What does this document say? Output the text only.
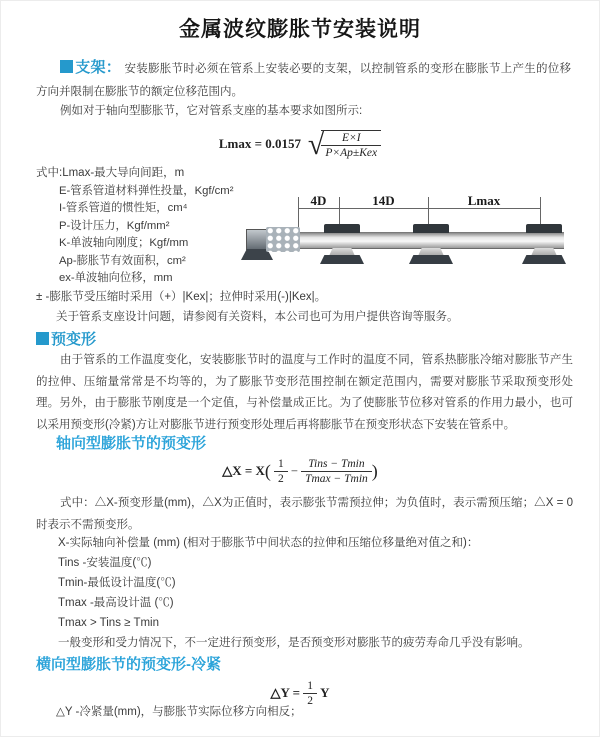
金属波纹膨胀节安装说明
支架： 安装膨胀节时必须在管系上安装必要的支架，以控制管系的变形在膨胀节上产生的位移方向并限制在膨胀节的额定位移范围内。
例如对于轴向型膨胀节，它对管系支座的基本要求如图所示:
Lmax = 0.0157 √
$\frac{E\times I}{\text{P×Ap±Kex}}$
式中:Lmax-最大导向间距，m
E-管系管道材料弹性投量，Kgf/cm²
I-管系管道的惯性矩，cm⁴
P-设计压力，Kgf/mm²
K-单波轴向刚度；Kgf/mm
Ap-膨胀节有效面积，cm²
ex-单波轴向位移，mm
± -膨胀节受压缩时采用（+）|Kex|；拉伸时采用(-)|Kex|。
关于管系支座设计问题，请参阅有关资料，本公司也可为用户提供咨询等服务。
4D	14D	Lmax
预变形
由于管系的工作温度变化，安装膨胀节时的温度与工作时的温度不同，管系热膨胀冷缩对膨胀节产生的拉伸、压缩量常常是不均等的，为了膨胀节变形范围控制在额定范围内，需要对膨胀节采取预变形处理。另外，由于膨胀节刚度是一个定值，与补偿量成正比。为了使膨胀节位移对管系的作用力最小，也可以采用预变形(冷紧)方让对膨胀节进行预变形处理后再将膨胀节在预变形状态下安装在管系中。
轴向型膨胀节的预变形
△X = $X( \frac{1}{2} - \frac{\text{Tins − Tmin}}{Tmax - Tmin}$ )
式中：△X-预变形量(mm)，△X为正值时，表示膨张节需预拉伸；为负值时，表示需预压缩；△X = 0时表示不需预变形。
X-实际轴向补偿量 (mm) (相对于膨胀节中间状态的拉伸和压缩位移量绝对值之和)：
Tins -安装温度(℃)
Tmin-最低设计温度(℃)
Tmax -最高设计温 (℃)
Tmax > Tins ≥ Tmin
一般变形和受力情况下，不一定进行预变形，是否预变形对膨胀节的疲劳寿命几乎没有影响。
横向型膨胀节的预变形-冷紧
△Y = $\frac{1}{2}$ Y
△Y -冷紧量(mm)，与膨胀节实际位移方向相反；
